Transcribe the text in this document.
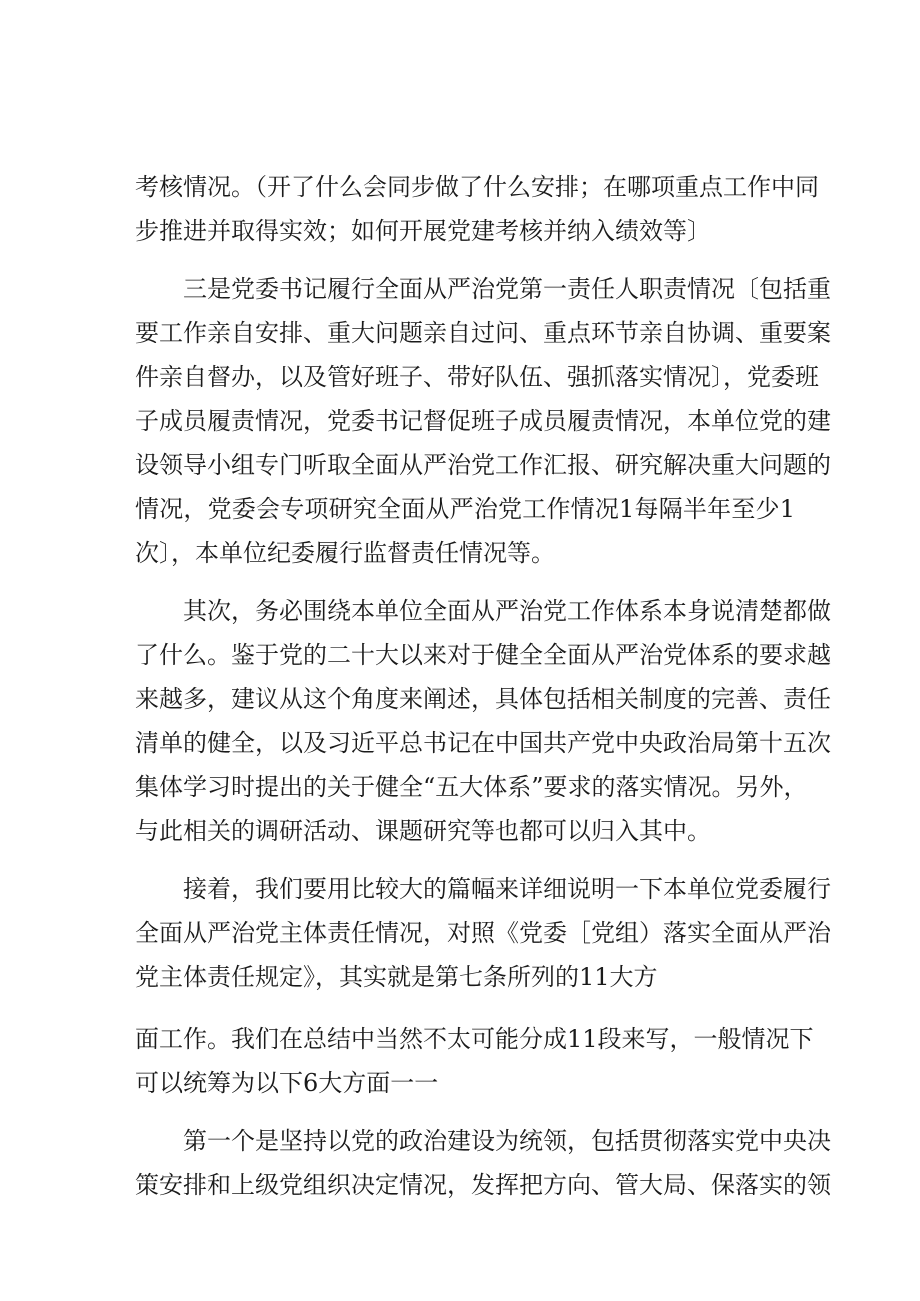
考核情况。（开了什么会同步做了什么安排；在哪项重点工作中同
步推进并取得实效；如何开展党建考核并纳入绩效等〕
三是党委书记履行全面从严治党第一责任人职责情况〔包括重
要工作亲自安排、重大问题亲自过问、重点环节亲自协调、重要案
件亲自督办，以及管好班子、带好队伍、强抓落实情况〕，党委班
子成员履责情况，党委书记督促班子成员履责情况，本单位党的建
设领导小组专门听取全面从严治党工作汇报、研究解决重大问题的
情况，党委会专项研究全面从严治党工作情况1每隔半年至少1
次〕，本单位纪委履行监督责任情况等。
其次，务必围绕本单位全面从严治党工作体系本身说清楚都做
了什么。鉴于党的二十大以来对于健全全面从严治党体系的要求越
来越多，建议从这个角度来阐述，具体包括相关制度的完善、责任
清单的健全，以及习近平总书记在中国共产党中央政治局第十五次
集体学习时提出的关于健全“五大体系”要求的落实情况。另外，
与此相关的调研活动、课题研究等也都可以归入其中。
接着，我们要用比较大的篇幅来详细说明一下本单位党委履行
全面从严治党主体责任情况，对照《党委［党组）落实全面从严治
党主体责任规定》，其实就是第七条所列的11大方
面工作。我们在总结中当然不太可能分成11段来写，一般情况下
可以统筹为以下6大方面一一
第一个是坚持以党的政治建设为统领，包括贯彻落实党中央决
策安排和上级党组织决定情况，发挥把方向、管大局、保落实的领
